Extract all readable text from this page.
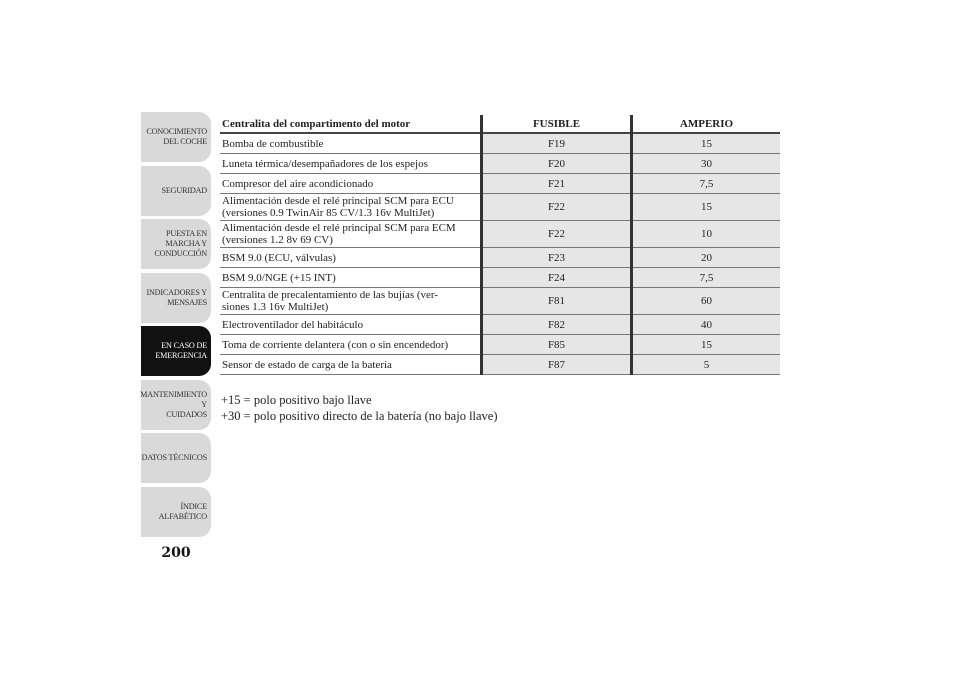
CONOCIMIENTO
DEL COCHE
SEGURIDAD
PUESTA EN
MARCHA Y
CONDUCCIÓN
INDICADORES Y
MENSAJES
EN CASO DE
EMERGENCIA
MANTENIMIENTO Y
CUIDADOS
DATOS TÉCNICOS
ÍNDICE
ALFABÉTICO
200
Centralita del compartimento del motor	FUSIBLE	AMPERIO
Bomba de combustible	F19	15
Luneta térmica/desempañadores de los espejos	F20	30
Compresor del aire acondicionado	F21	7,5
Alimentación desde el relé principal SCM para ECU
(versiones 0.9 TwinAir 85 CV/1.3 16v MultiJet)	F22	15
Alimentación desde el relé principal SCM para ECM
(versiones 1.2 8v 69 CV)	F22	10
BSM 9.0 (ECU, válvulas)	F23	20
BSM 9.0/NGE (+15 INT)	F24	7,5
Centralita de precalentamiento de las bujías (ver-
siones 1.3 16v MultiJet)	F81	60
Electroventilador del habitáculo	F82	40
Toma de corriente delantera (con o sin encendedor)	F85	15
Sensor de estado de carga de la batería	F87	5

+15 = polo positivo bajo llave

+30 = polo positivo directo de la batería (no bajo llave)
